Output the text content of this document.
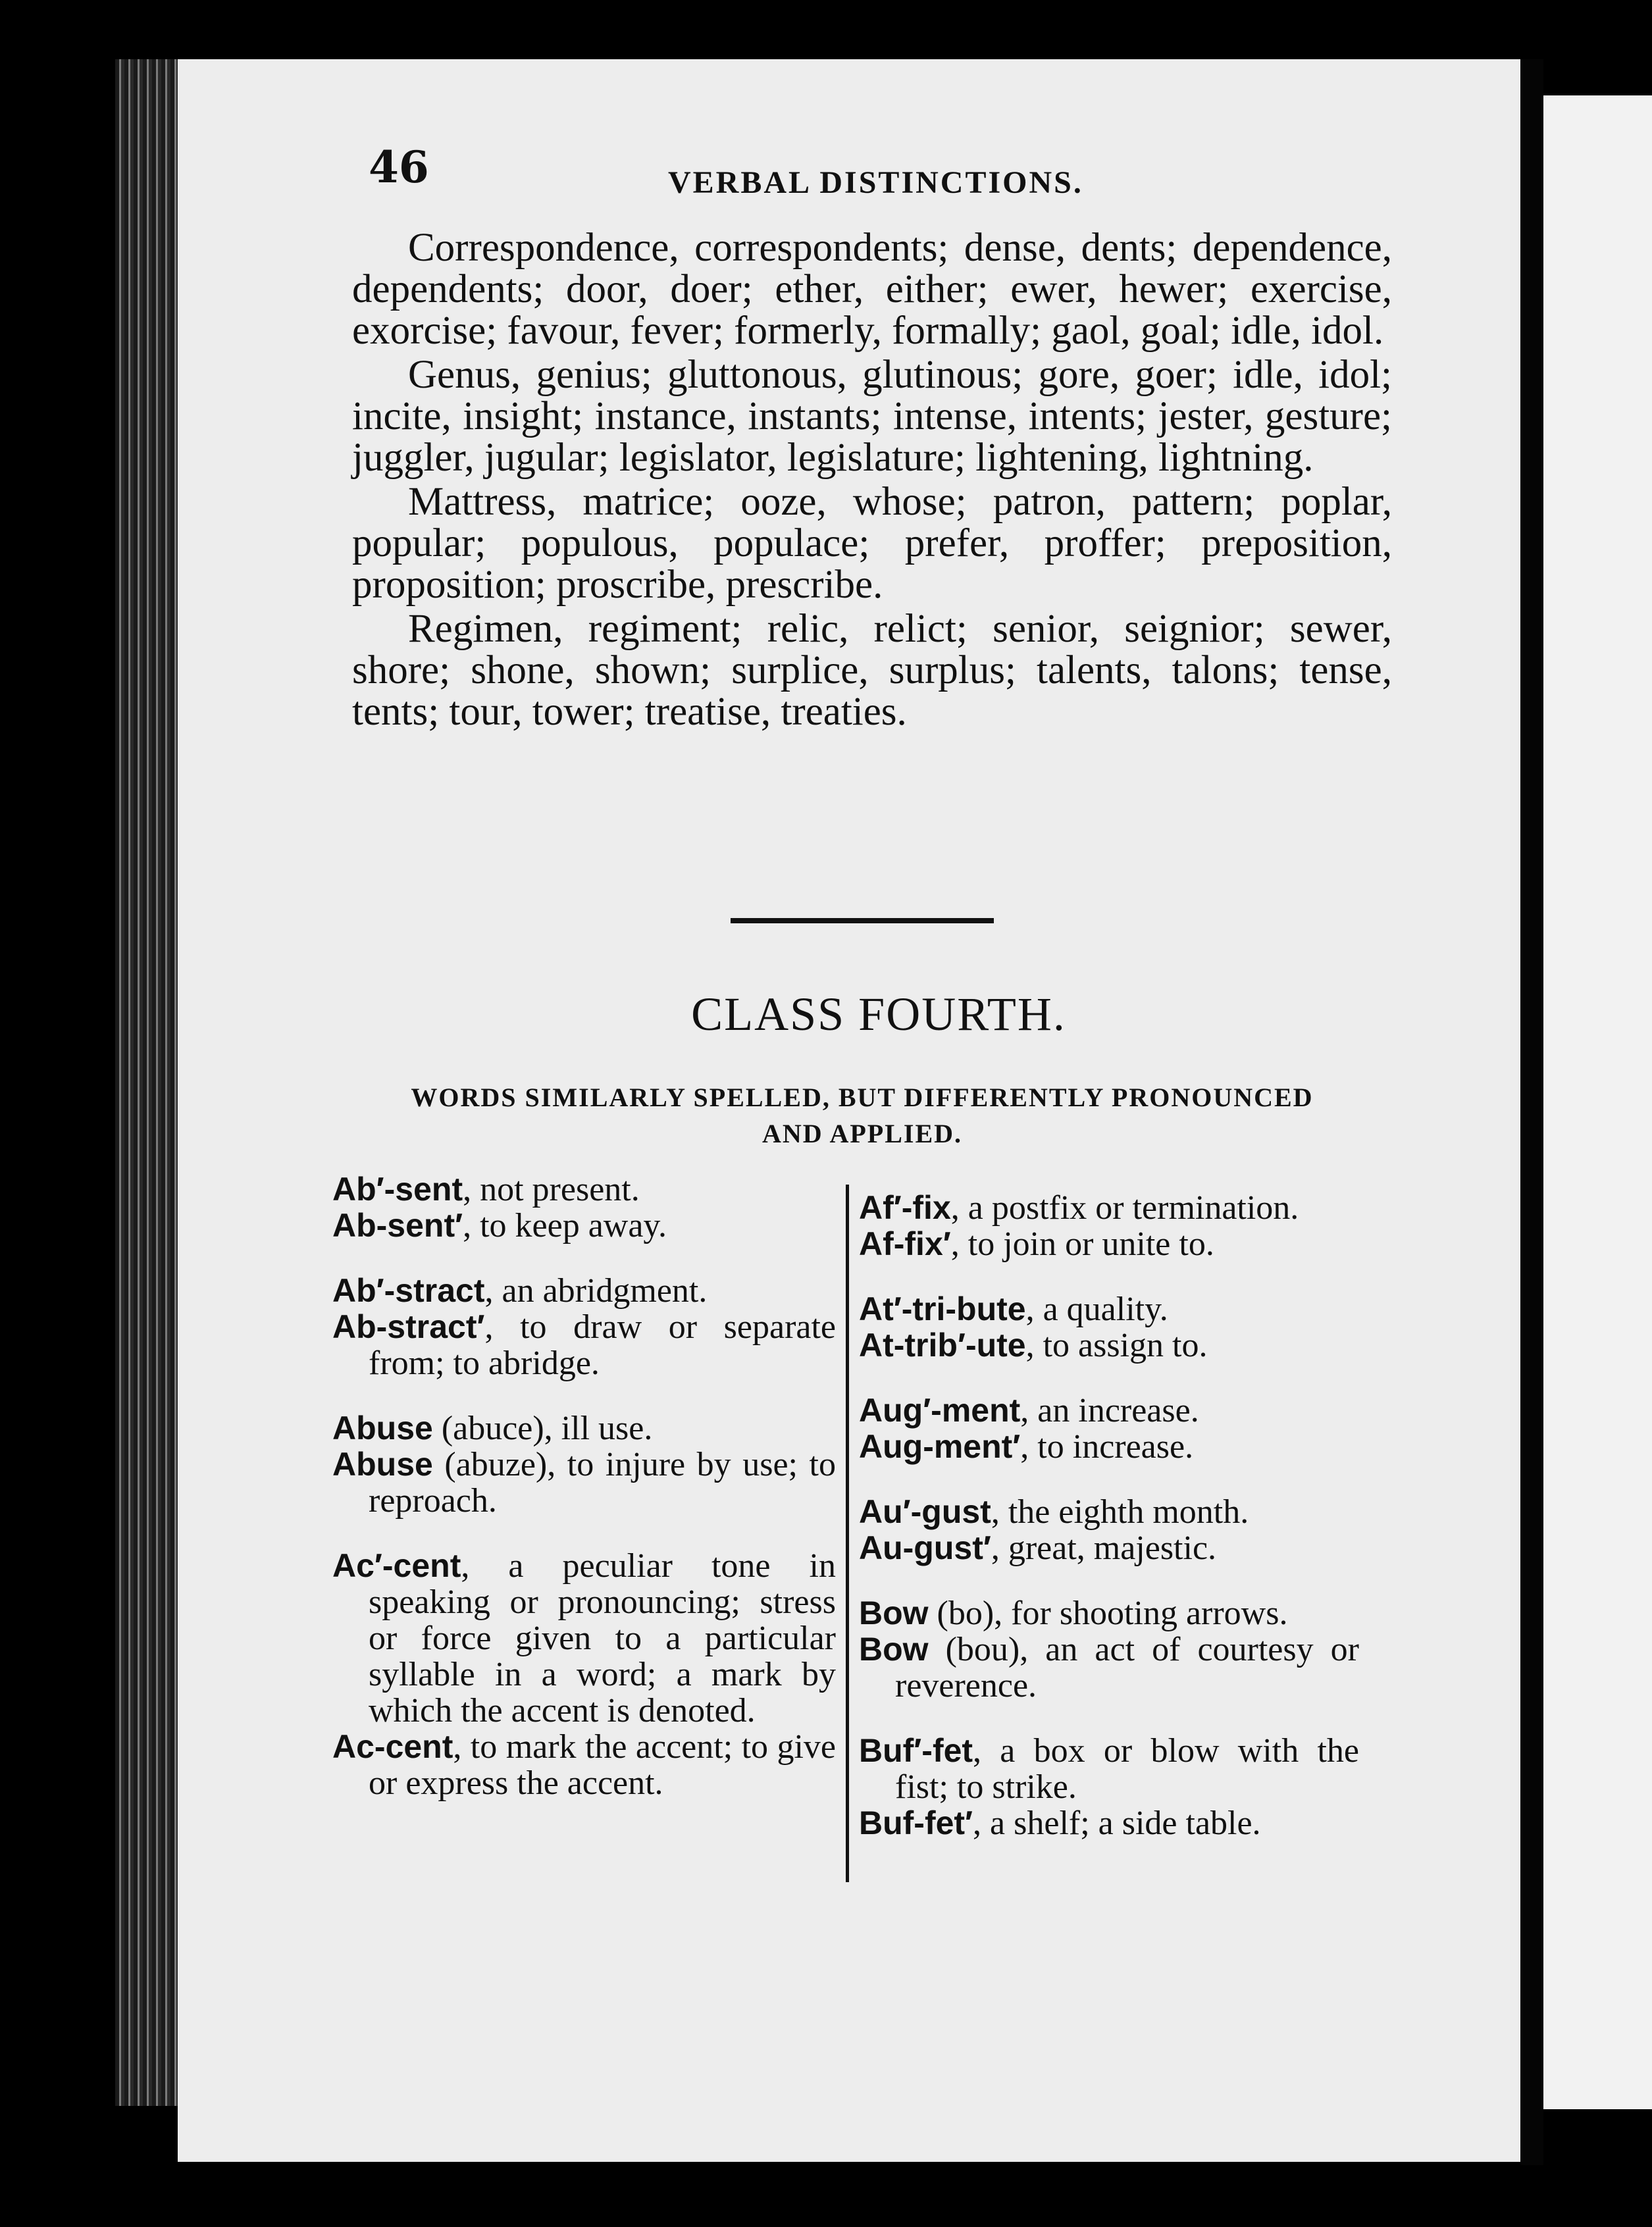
46	VERBAL DISTINCTIONS.

Correspondence, correspondents; dense, dents; dependence, dependents; door, doer; ether, either; ewer, hewer; exercise, exorcise; favour, fever; formerly, formally; gaol, goal; idle, idol.

Genus, genius; gluttonous, glutinous; gore, goer; idle, idol; incite, insight; instance, instants; intense, intents; jester, gesture; juggler, jugular; legislator, legislature; lightening, lightning.

Mattress, matrice; ooze, whose; patron, pattern; poplar, popular; populous, populace; prefer, proffer; preposition, proposition; proscribe, prescribe.

Regimen, regiment; relic, relict; senior, seignior; sewer, shore; shone, shown; surplice, surplus; talents, talons; tense, tents; tour, tower; treatise, treaties.

CLASS FOURTH.
WORDS SIMILARLY SPELLED, BUT DIFFERENTLY PRONOUNCED
AND APPLIED.
Ab′-sent, not present.
Ab-sent′, to keep away.
Ab′-stract, an abridgment.
Ab-stract′, to draw or separate from; to abridge.
Abuse (abuce), ill use.
Abuse (abuze), to injure by use; to reproach.
Ac′-cent, a peculiar tone in speaking or pronouncing; stress or force given to a particular syllable in a word; a mark by which the accent is denoted.
Ac-cent, to mark the accent; to give or express the accent.
Af′-fix, a postfix or termination.
Af-fix′, to join or unite to.
At′-tri-bute, a quality.
At-trib′-ute, to assign to.
Aug′-ment, an increase.
Aug-ment′, to increase.
Au′-gust, the eighth month.
Au-gust′, great, majestic.
Bow (bo), for shooting arrows.
Bow (bou), an act of courtesy or reverence.
Buf′-fet, a box or blow with the fist; to strike.
Buf-fet′, a shelf; a side table.
